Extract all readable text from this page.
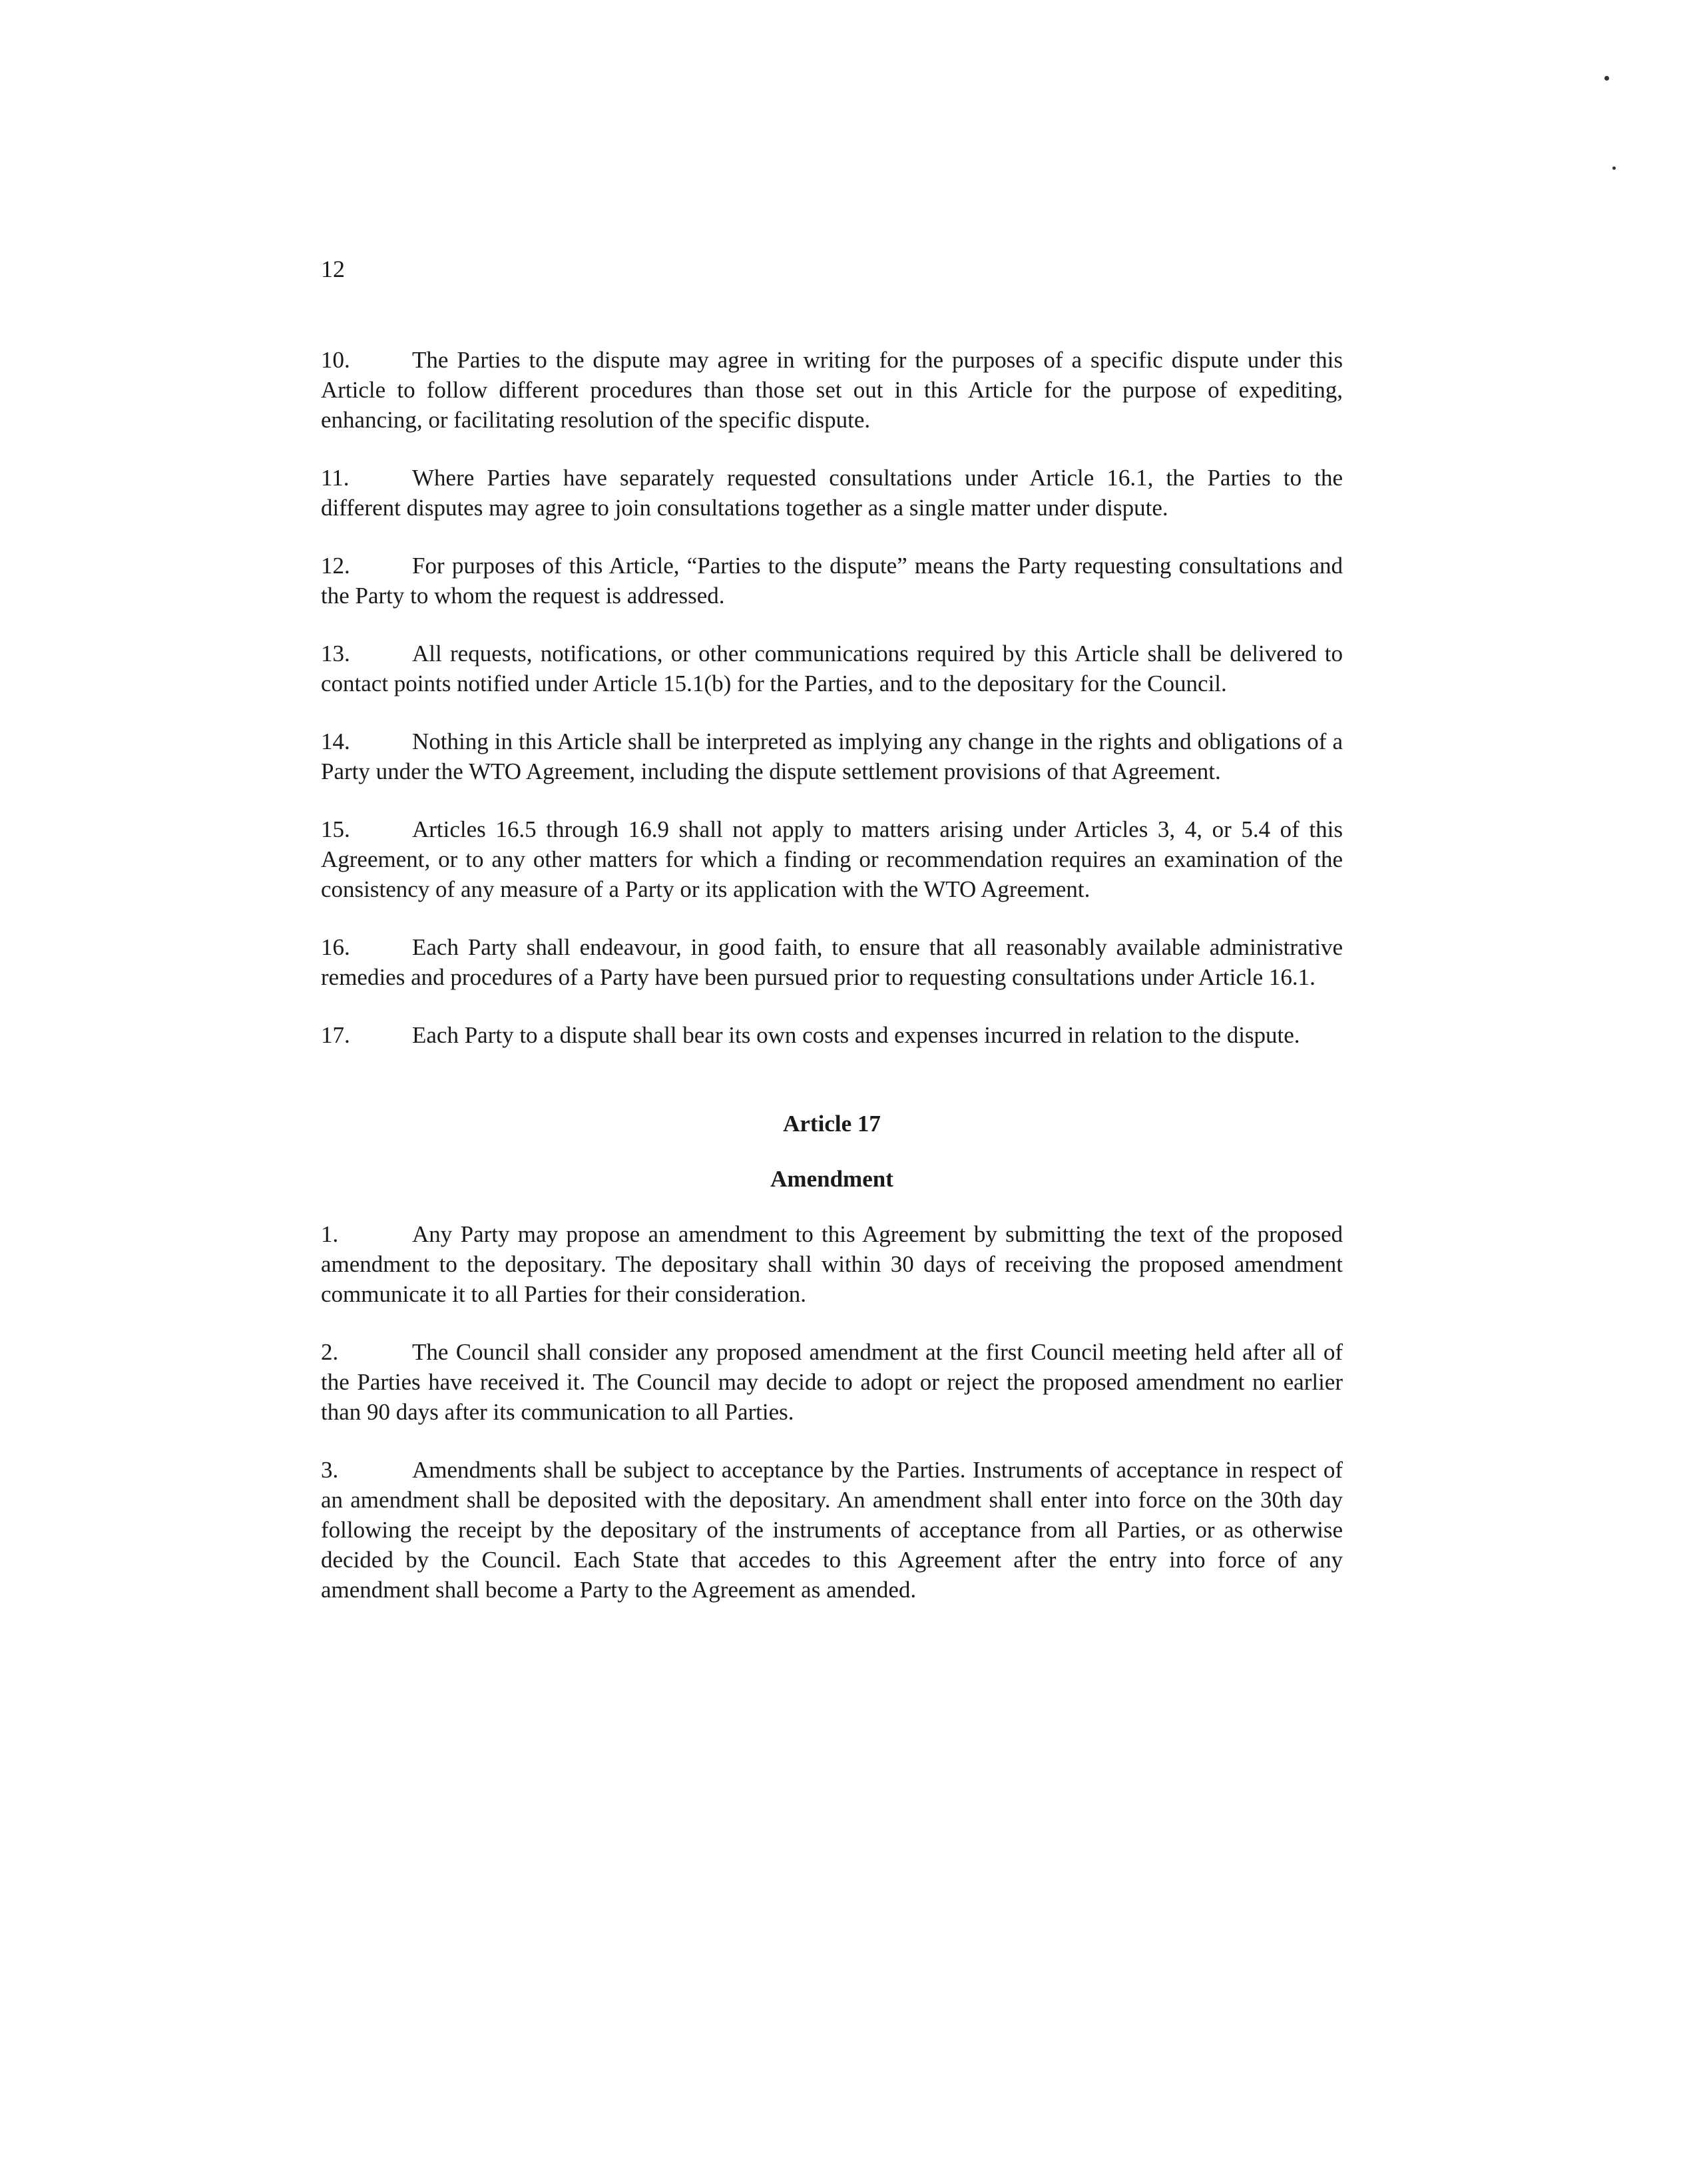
12

10.	The Parties to the dispute may agree in writing for the purposes of a specific dispute under this Article to follow different procedures than those set out in this Article for the purpose of expediting, enhancing, or facilitating resolution of the specific dispute.

11.	Where Parties have separately requested consultations under Article 16.1, the Parties to the different disputes may agree to join consultations together as a single matter under dispute.

12.	For purposes of this Article, “Parties to the dispute” means the Party requesting consultations and the Party to whom the request is addressed.

13.	All requests, notifications, or other communications required by this Article shall be delivered to contact points notified under Article 15.1(b) for the Parties, and to the depositary for the Council.

14.	Nothing in this Article shall be interpreted as implying any change in the rights and obligations of a Party under the WTO Agreement, including the dispute settlement provisions of that Agreement.

15.	Articles 16.5 through 16.9 shall not apply to matters arising under Articles 3, 4, or 5.4 of this Agreement, or to any other matters for which a finding or recommendation requires an examination of the consistency of any measure of a Party or its application with the WTO Agreement.

16.	Each Party shall endeavour, in good faith, to ensure that all reasonably available administrative remedies and procedures of a Party have been pursued prior to requesting consultations under Article 16.1.

17.	Each Party to a dispute shall bear its own costs and expenses incurred in relation to the dispute.

Article 17
Amendment

1.	Any Party may propose an amendment to this Agreement by submitting the text of the proposed amendment to the depositary. The depositary shall within 30 days of receiving the proposed amendment communicate it to all Parties for their consideration.

2.	The Council shall consider any proposed amendment at the first Council meeting held after all of the Parties have received it. The Council may decide to adopt or reject the proposed amendment no earlier than 90 days after its communication to all Parties.

3.	Amendments shall be subject to acceptance by the Parties. Instruments of acceptance in respect of an amendment shall be deposited with the depositary. An amendment shall enter into force on the 30th day following the receipt by the depositary of the instruments of acceptance from all Parties, or as otherwise decided by the Council. Each State that accedes to this Agreement after the entry into force of any amendment shall become a Party to the Agreement as amended.
